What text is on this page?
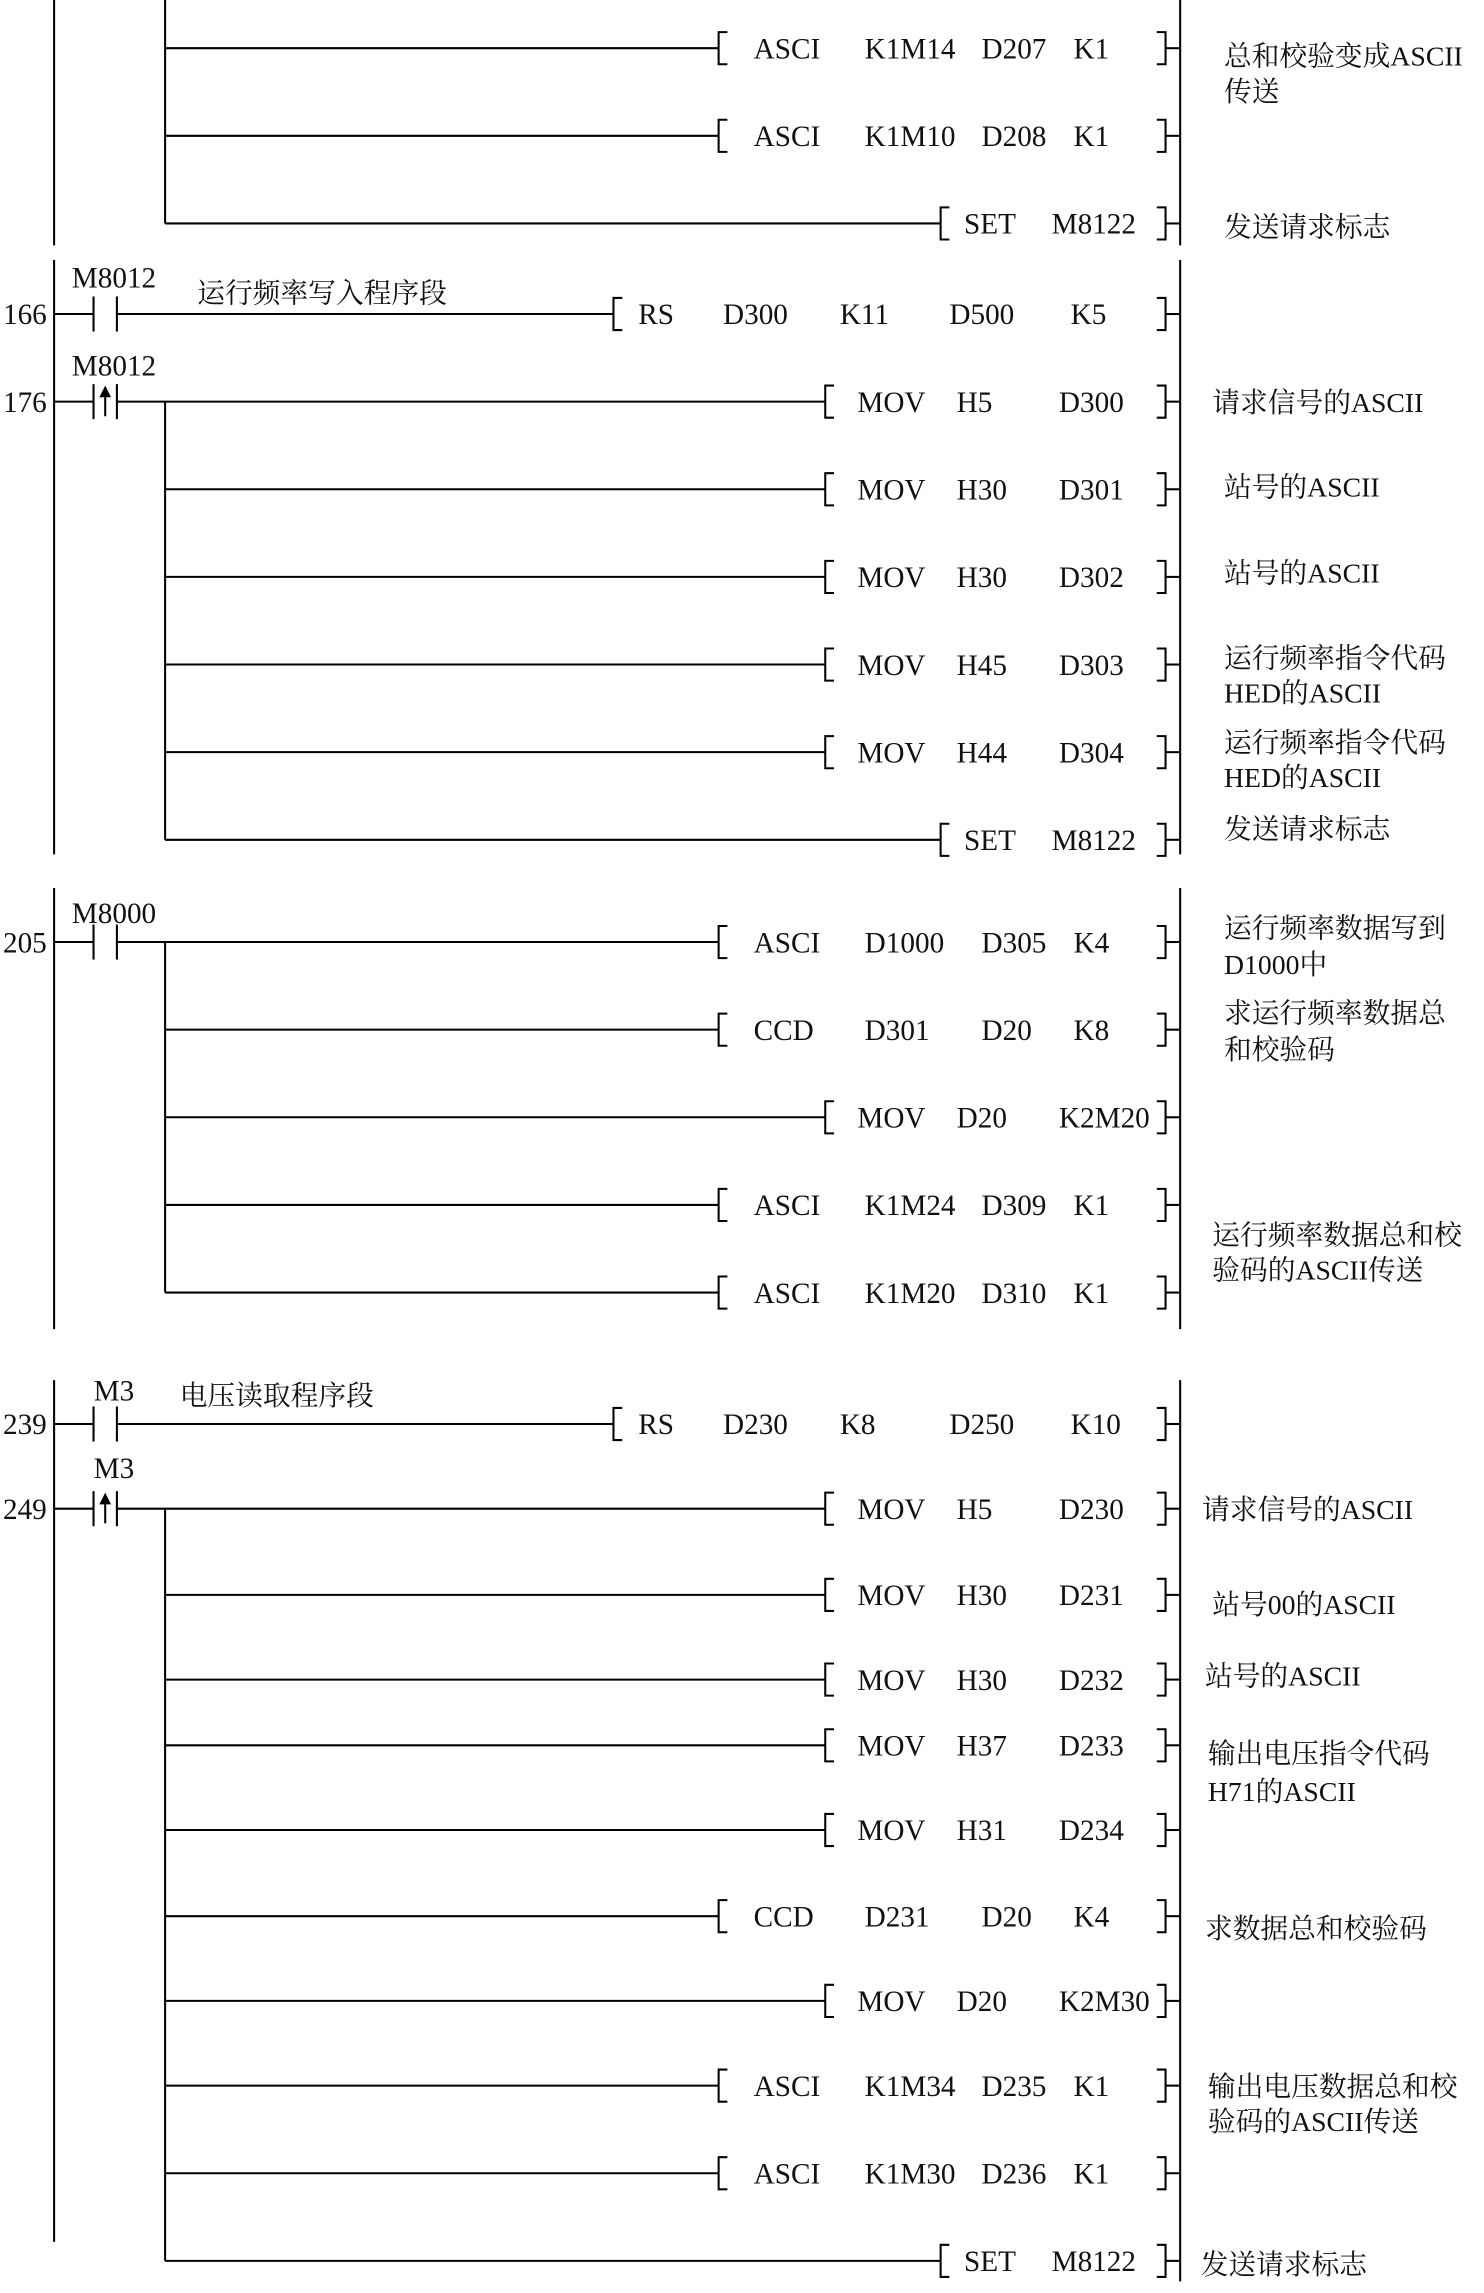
166
M8012
176
M8012
205
M8000
239
M3
249
M3
运行频率写入程序段
电压读取程序段
ASCI K1M14 D207 K1
ASCI K1M10 D208 K1
SET M8122
RS D300	K11	D500	K5
MOV H5	D300
MOV H30	D301
MOV H30	D302
MOV H45	D303
MOV H44	D304
SET M8122
ASCI D1000 D305 K4
CCD	D301	D20 K8
MOV D20	K2M20
ASCI K1M24 D309 K1
ASCI K1M20 D310 K1
RS D230	K8	D250	K10
MOV H5	D230
MOV H30	D231
MOV H30	D232
MOV H37	D233
MOV H31	D234
CCD	D231	D20 K4
MOV D20	K2M30
ASCI K1M34 D235 K1
ASCI K1M30 D236 K1
SET M8122
总和校验变成ASCII
传送
发送请求标志
请求信号的ASCII
站号的ASCII
站号的ASCII
运行频率指令代码
HED的ASCII
运行频率指令代码
HED的ASCII
发送请求标志
运行频率数据写到
D1000中
求运行频率数据总
和校验码
运行频率数据总和校
验码的ASCII传送
请求信号的ASCII
站号00的ASCII
站号的ASCII
输出电压指令代码
H71的ASCII
求数据总和校验码
输出电压数据总和校
验码的ASCII传送
发送请求标志
